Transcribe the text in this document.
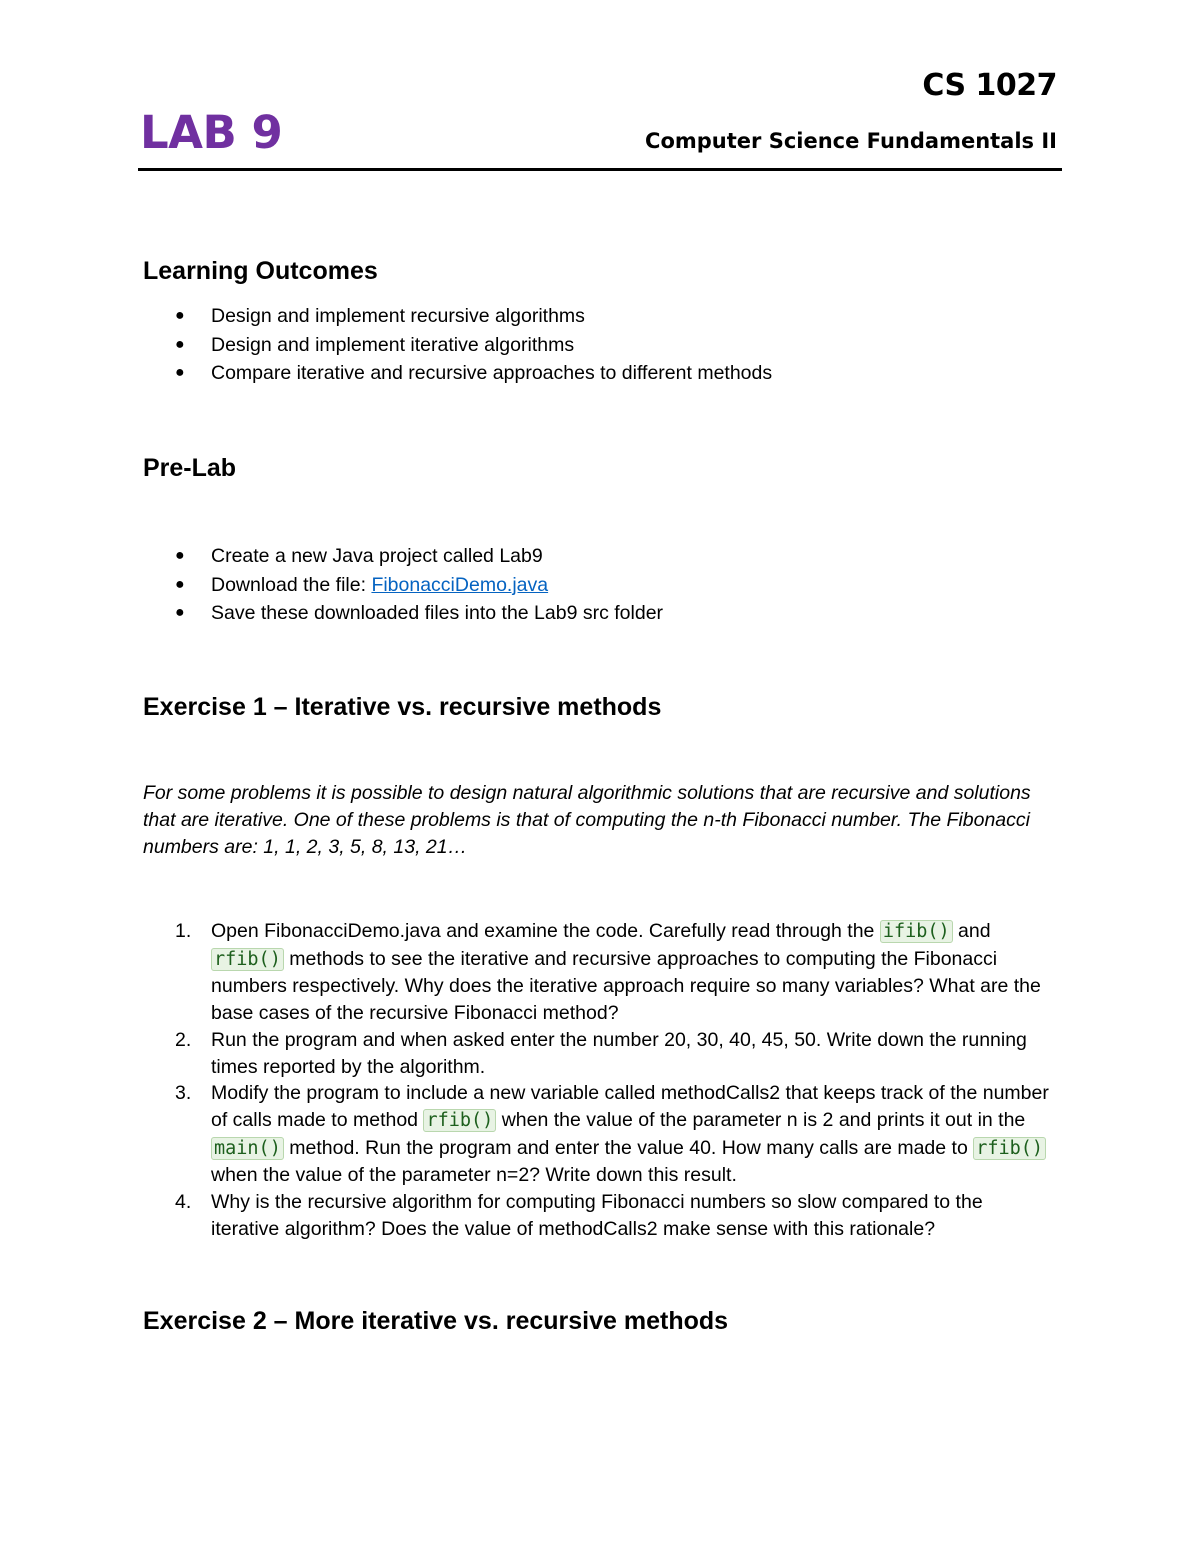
CS 1027
LAB 9	Computer Science Fundamentals II
Learning Outcomes
● Design and implement recursive algorithms
● Design and implement iterative algorithms
● Compare iterative and recursive approaches to different methods
Pre-Lab
● Create a new Java project called Lab9
● Download the file: FibonacciDemo.java
● Save these downloaded files into the Lab9 src folder
Exercise 1 – Iterative vs. recursive methods

For some problems it is possible to design natural algorithmic solutions that are recursive and solutions that are iterative. One of these problems is that of computing the n-th Fibonacci number. The Fibonacci numbers are: 1, 1, 2, 3, 5, 8, 13, 21…

1. Open FibonacciDemo.java and examine the code. Carefully read through the ifib() and rfib() methods to see the iterative and recursive approaches to computing the Fibonacci numbers respectively. Why does the iterative approach require so many variables? What are the base cases of the recursive Fibonacci method?
2. Run the program and when asked enter the number 20, 30, 40, 45, 50. Write down the running times reported by the algorithm.
3. Modify the program to include a new variable called methodCalls2 that keeps track of the number of calls made to method rfib() when the value of the parameter n is 2 and prints it out in the main() method. Run the program and enter the value 40. How many calls are made to rfib() when the value of the parameter n=2? Write down this result.
4. Why is the recursive algorithm for computing Fibonacci numbers so slow compared to the iterative algorithm? Does the value of methodCalls2 make sense with this rationale?
Exercise 2 – More iterative vs. recursive methods
